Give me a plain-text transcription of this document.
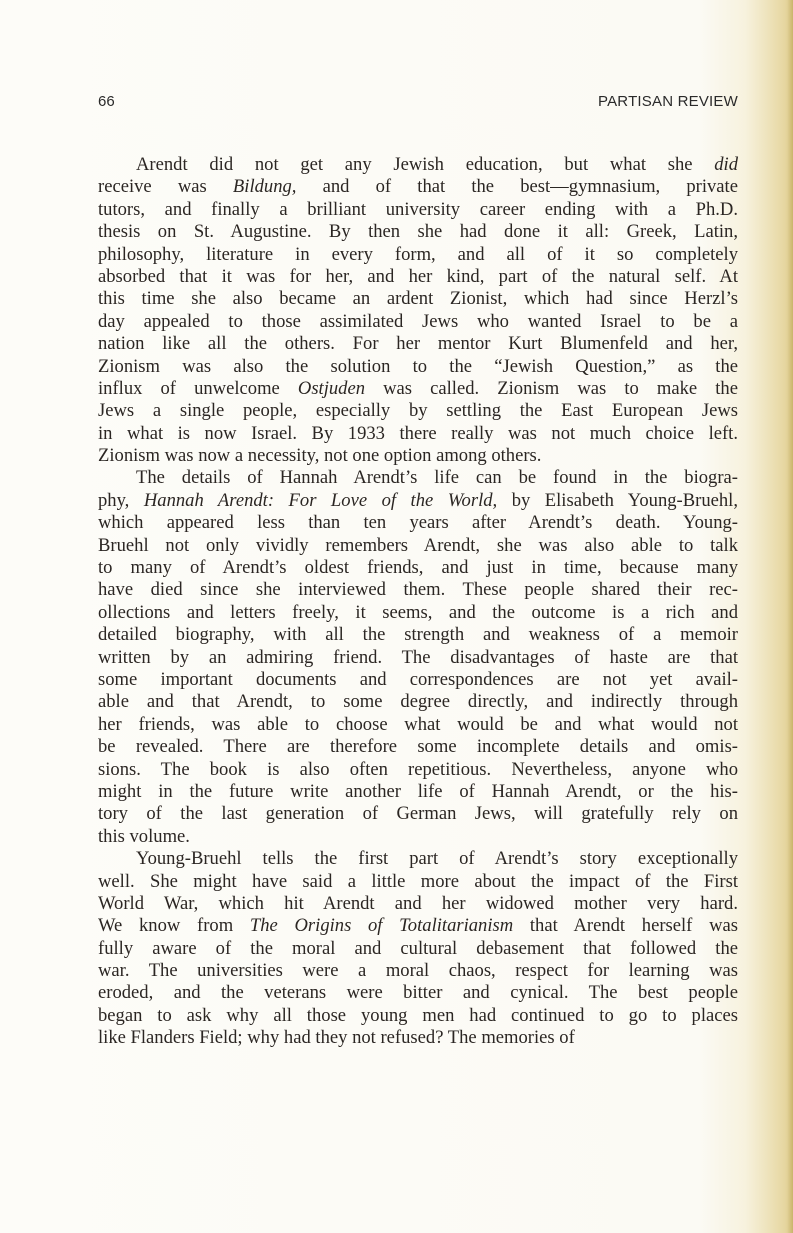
66	PARTISAN REVIEW
Arendt did not get any Jewish education, but what she did
receive was Bildung, and of that the best—gymnasium, private
tutors, and finally a brilliant university career ending with a Ph.D.
thesis on St. Augustine. By then she had done it all: Greek, Latin,
philosophy, literature in every form, and all of it so completely
absorbed that it was for her, and her kind, part of the natural self. At
this time she also became an ardent Zionist, which had since Herzl’s
day appealed to those assimilated Jews who wanted Israel to be a
nation like all the others. For her mentor Kurt Blumenfeld and her,
Zionism was also the solution to the “Jewish Question,” as the
influx of unwelcome Ostjuden was called. Zionism was to make the
Jews a single people, especially by settling the East European Jews
in what is now Israel. By 1933 there really was not much choice left.
Zionism was now a necessity, not one option among others.
The details of Hannah Arendt’s life can be found in the biogra-
phy, Hannah Arendt: For Love of the World, by Elisabeth Young-Bruehl,
which appeared less than ten years after Arendt’s death. Young-
Bruehl not only vividly remembers Arendt, she was also able to talk
to many of Arendt’s oldest friends, and just in time, because many
have died since she interviewed them. These people shared their rec-
ollections and letters freely, it seems, and the outcome is a rich and
detailed biography, with all the strength and weakness of a memoir
written by an admiring friend. The disadvantages of haste are that
some important documents and correspondences are not yet avail-
able and that Arendt, to some degree directly, and indirectly through
her friends, was able to choose what would be and what would not
be revealed. There are therefore some incomplete details and omis-
sions. The book is also often repetitious. Nevertheless, anyone who
might in the future write another life of Hannah Arendt, or the his-
tory of the last generation of German Jews, will gratefully rely on
this volume.
Young-Bruehl tells the first part of Arendt’s story exceptionally
well. She might have said a little more about the impact of the First
World War, which hit Arendt and her widowed mother very hard.
We know from The Origins of Totalitarianism that Arendt herself was
fully aware of the moral and cultural debasement that followed the
war. The universities were a moral chaos, respect for learning was
eroded, and the veterans were bitter and cynical. The best people
began to ask why all those young men had continued to go to places
like Flanders Field; why had they not refused? The memories of
